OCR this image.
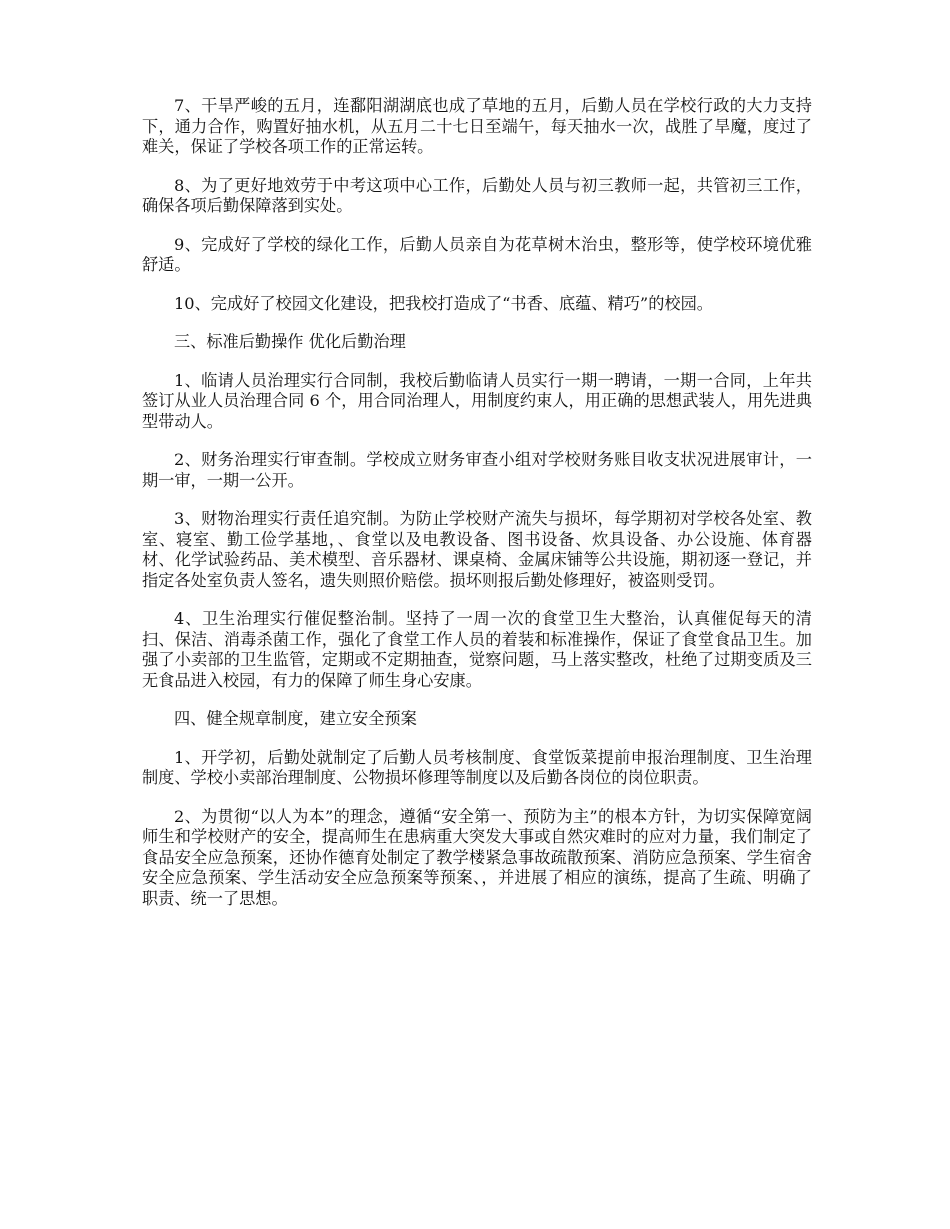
7、干旱严峻的五月，连鄱阳湖湖底也成了草地的五月，后勤人员在学校行政的大力支持下，通力合作，购置好抽水机，从五月二十七日至端午，每天抽水一次，战胜了旱魔，度过了难关，保证了学校各项工作的正常运转。

8、为了更好地效劳于中考这项中心工作，后勤处人员与初三教师一起，共管初三工作，确保各项后勤保障落到实处。

9、完成好了学校的绿化工作，后勤人员亲自为花草树木治虫，整形等，使学校环境优雅舒适。

10、完成好了校园文化建设，把我校打造成了“书香、底蕴、精巧”的校园。

三、标准后勤操作 优化后勤治理

1、临请人员治理实行合同制，我校后勤临请人员实行一期一聘请，一期一合同，上年共签订从业人员治理合同 6 个，用合同治理人，用制度约束人，用正确的思想武装人，用先进典型带动人。

2、财务治理实行审查制。学校成立财务审查小组对学校财务账目收支状况进展审计，一期一审，一期一公开。

3、财物治理实行责任追究制。为防止学校财产流失与损坏，每学期初对学校各处室、教室、寝室、勤工俭学基地，、食堂以及电教设备、图书设备、炊具设备、办公设施、体育器材、化学试验药品、美术模型、音乐器材、课桌椅、金属床铺等公共设施，期初逐一登记，并指定各处室负责人签名，遗失则照价赔偿。损坏则报后勤处修理好，被盗则受罚。

4、卫生治理实行催促整治制。坚持了一周一次的食堂卫生大整治，认真催促每天的清扫、保洁、消毒杀菌工作，强化了食堂工作人员的着装和标准操作，保证了食堂食品卫生。加强了小卖部的卫生监管，定期或不定期抽查，觉察问题，马上落实整改，杜绝了过期变质及三无食品进入校园，有力的保障了师生身心安康。

四、健全规章制度，建立安全预案

1、开学初，后勤处就制定了后勤人员考核制度、食堂饭菜提前申报治理制度、卫生治理制度、学校小卖部治理制度、公物损坏修理等制度以及后勤各岗位的岗位职责。

2、为贯彻“以人为本”的理念，遵循“安全第一、预防为主”的根本方针，为切实保障宽阔师生和学校财产的安全，提高师生在患病重大突发大事或自然灾难时的应对力量，我们制定了食品安全应急预案，还协作德育处制定了教学楼紧急事故疏散预案、消防应急预案、学生宿舍安全应急预案、学生活动安全应急预案等预案、，并进展了相应的演练，提高了生疏、明确了职责、统一了思想。
